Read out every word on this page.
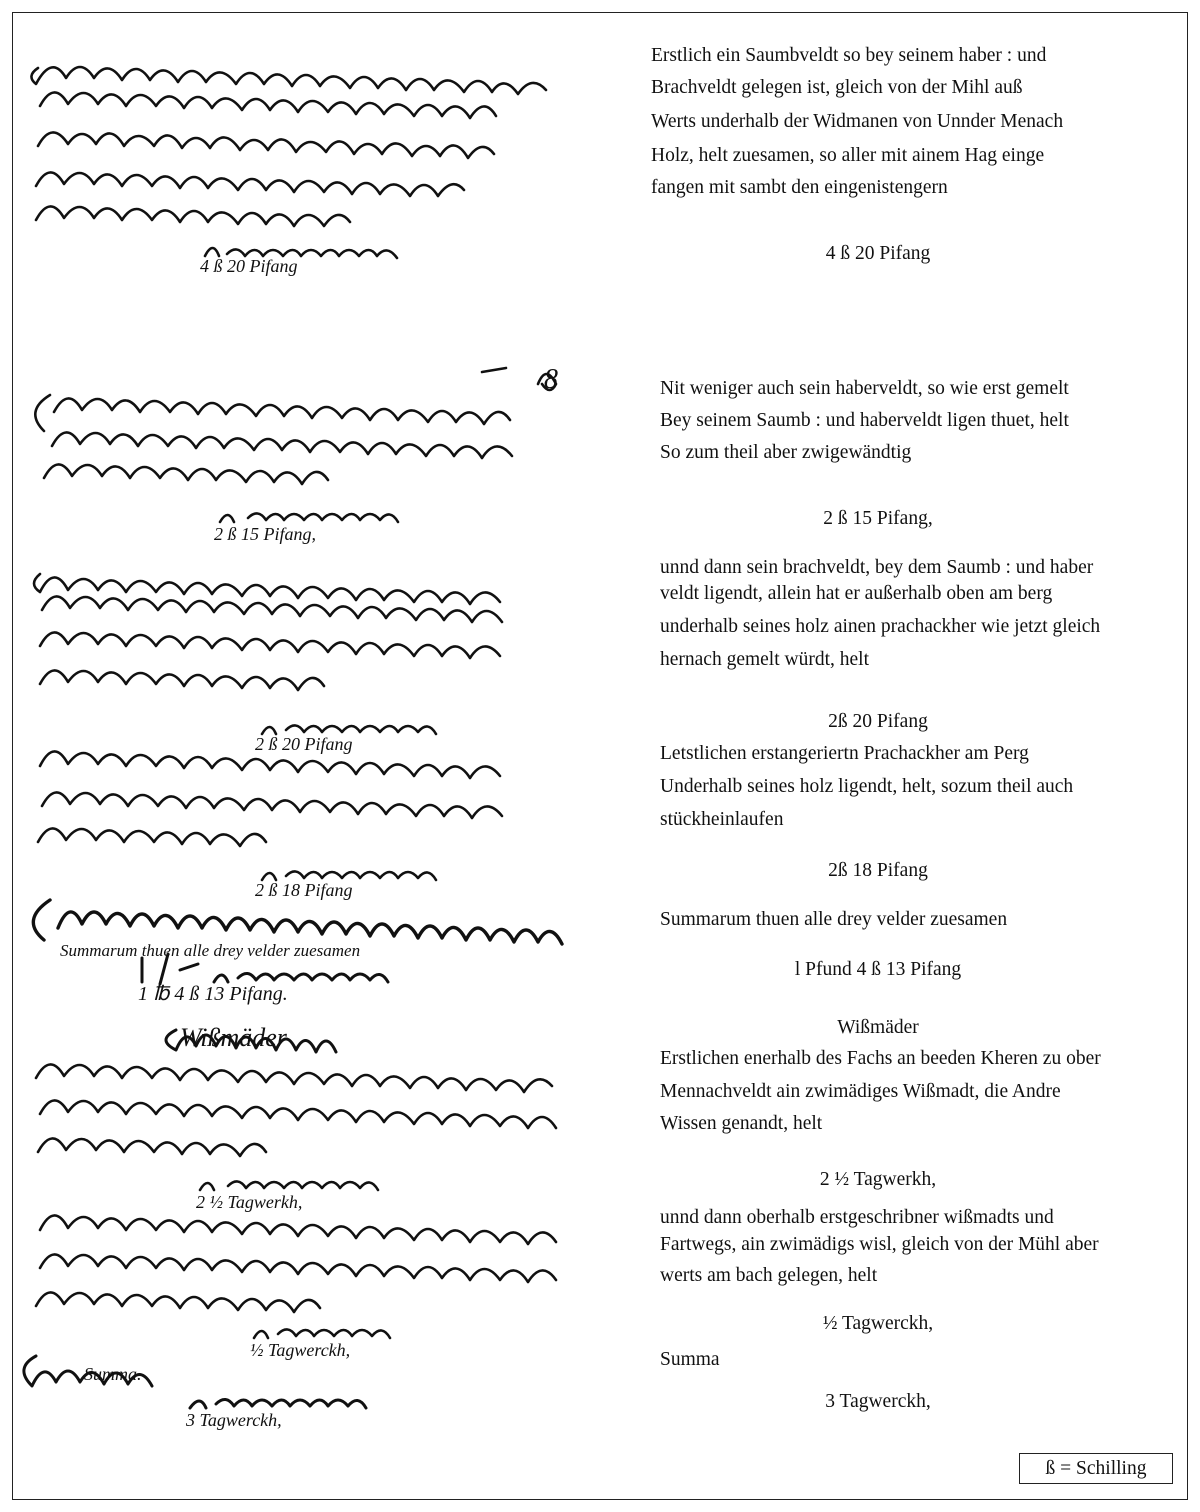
Wißmäder
8
4 ß 20 Pifang
2 ß 15 Pifang,
2 ß 20 Pifang
2 ß 18 Pifang
1 ℔ 4 ß 13 Pifang.
2 ½ Tagwerkh,
½ Tagwerckh,
3 Tagwerckh,
Summarum thuen alle drey velder zuesamen
Summa.
Erstlich ein Saumbveldt so bey seinem haber : und
Brachveldt gelegen ist, gleich von der Mihl auß
Werts underhalb der Widmanen von Unnder Menach
Holz, helt zuesamen, so aller mit ainem Hag einge
fangen mit sambt den eingenistengern
4 ß 20 Pifang
Nit weniger auch sein haberveldt, so wie erst gemelt
Bey seinem Saumb : und haberveldt ligen thuet, helt
So zum theil aber zwigewändtig
2 ß 15 Pifang,
unnd dann sein brachveldt, bey dem Saumb : und haber
veldt ligendt, allein hat er außerhalb oben am berg
underhalb seines holz ainen prachackher wie jetzt gleich
hernach gemelt würdt, helt
2ß 20 Pifang
Letstlichen erstangeriertn Prachackher am Perg
Underhalb seines holz ligendt, helt, sozum theil auch
stückheinlaufen
2ß 18 Pifang
Summarum thuen alle drey velder zuesamen
l Pfund 4 ß 13 Pifang
Wißmäder
Erstlichen enerhalb des Fachs an beeden Kheren zu ober
Mennachveldt ain zwimädiges Wißmadt, die Andre
Wissen genandt, helt
2 ½ Tagwerkh,
unnd dann oberhalb erstgeschribner wißmadts und
Fartwegs, ain zwimädigs wisl, gleich von der Mühl aber
werts am bach gelegen, helt
½ Tagwerckh,
Summa
3 Tagwerckh,
ß = Schilling
